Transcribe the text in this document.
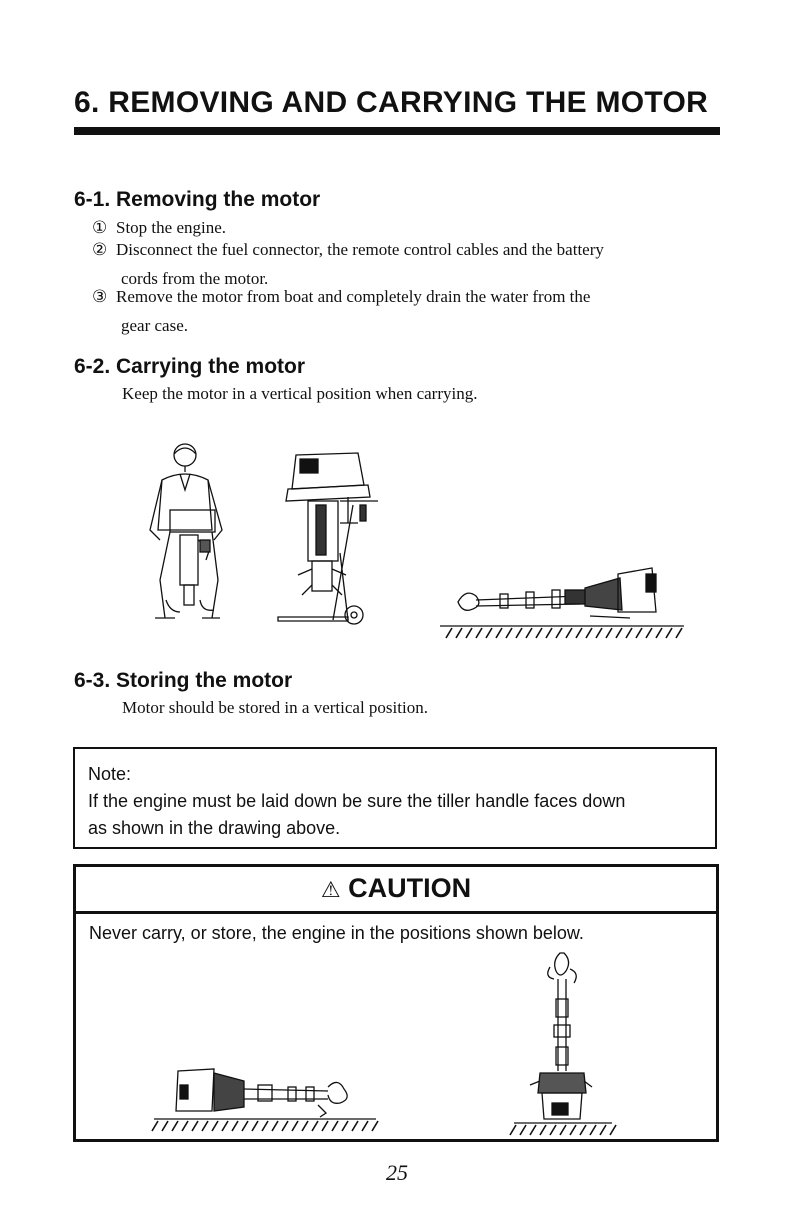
6. REMOVING AND CARRYING THE MOTOR
6-1. Removing the motor
① Stop the engine.
② Disconnect the fuel connector, the remote control cables and the battery
cords from the motor.
③ Remove the motor from boat and completely drain the water from the
gear case.
6-2. Carrying the motor
Keep the motor in a vertical position when carrying.
6-3. Storing the motor
Motor should be stored in a vertical position.
Note:
If the engine must be laid down be sure the tiller handle faces down
as shown in the drawing above.
⚠ CAUTION
Never carry, or store, the engine in the positions shown below.
25
